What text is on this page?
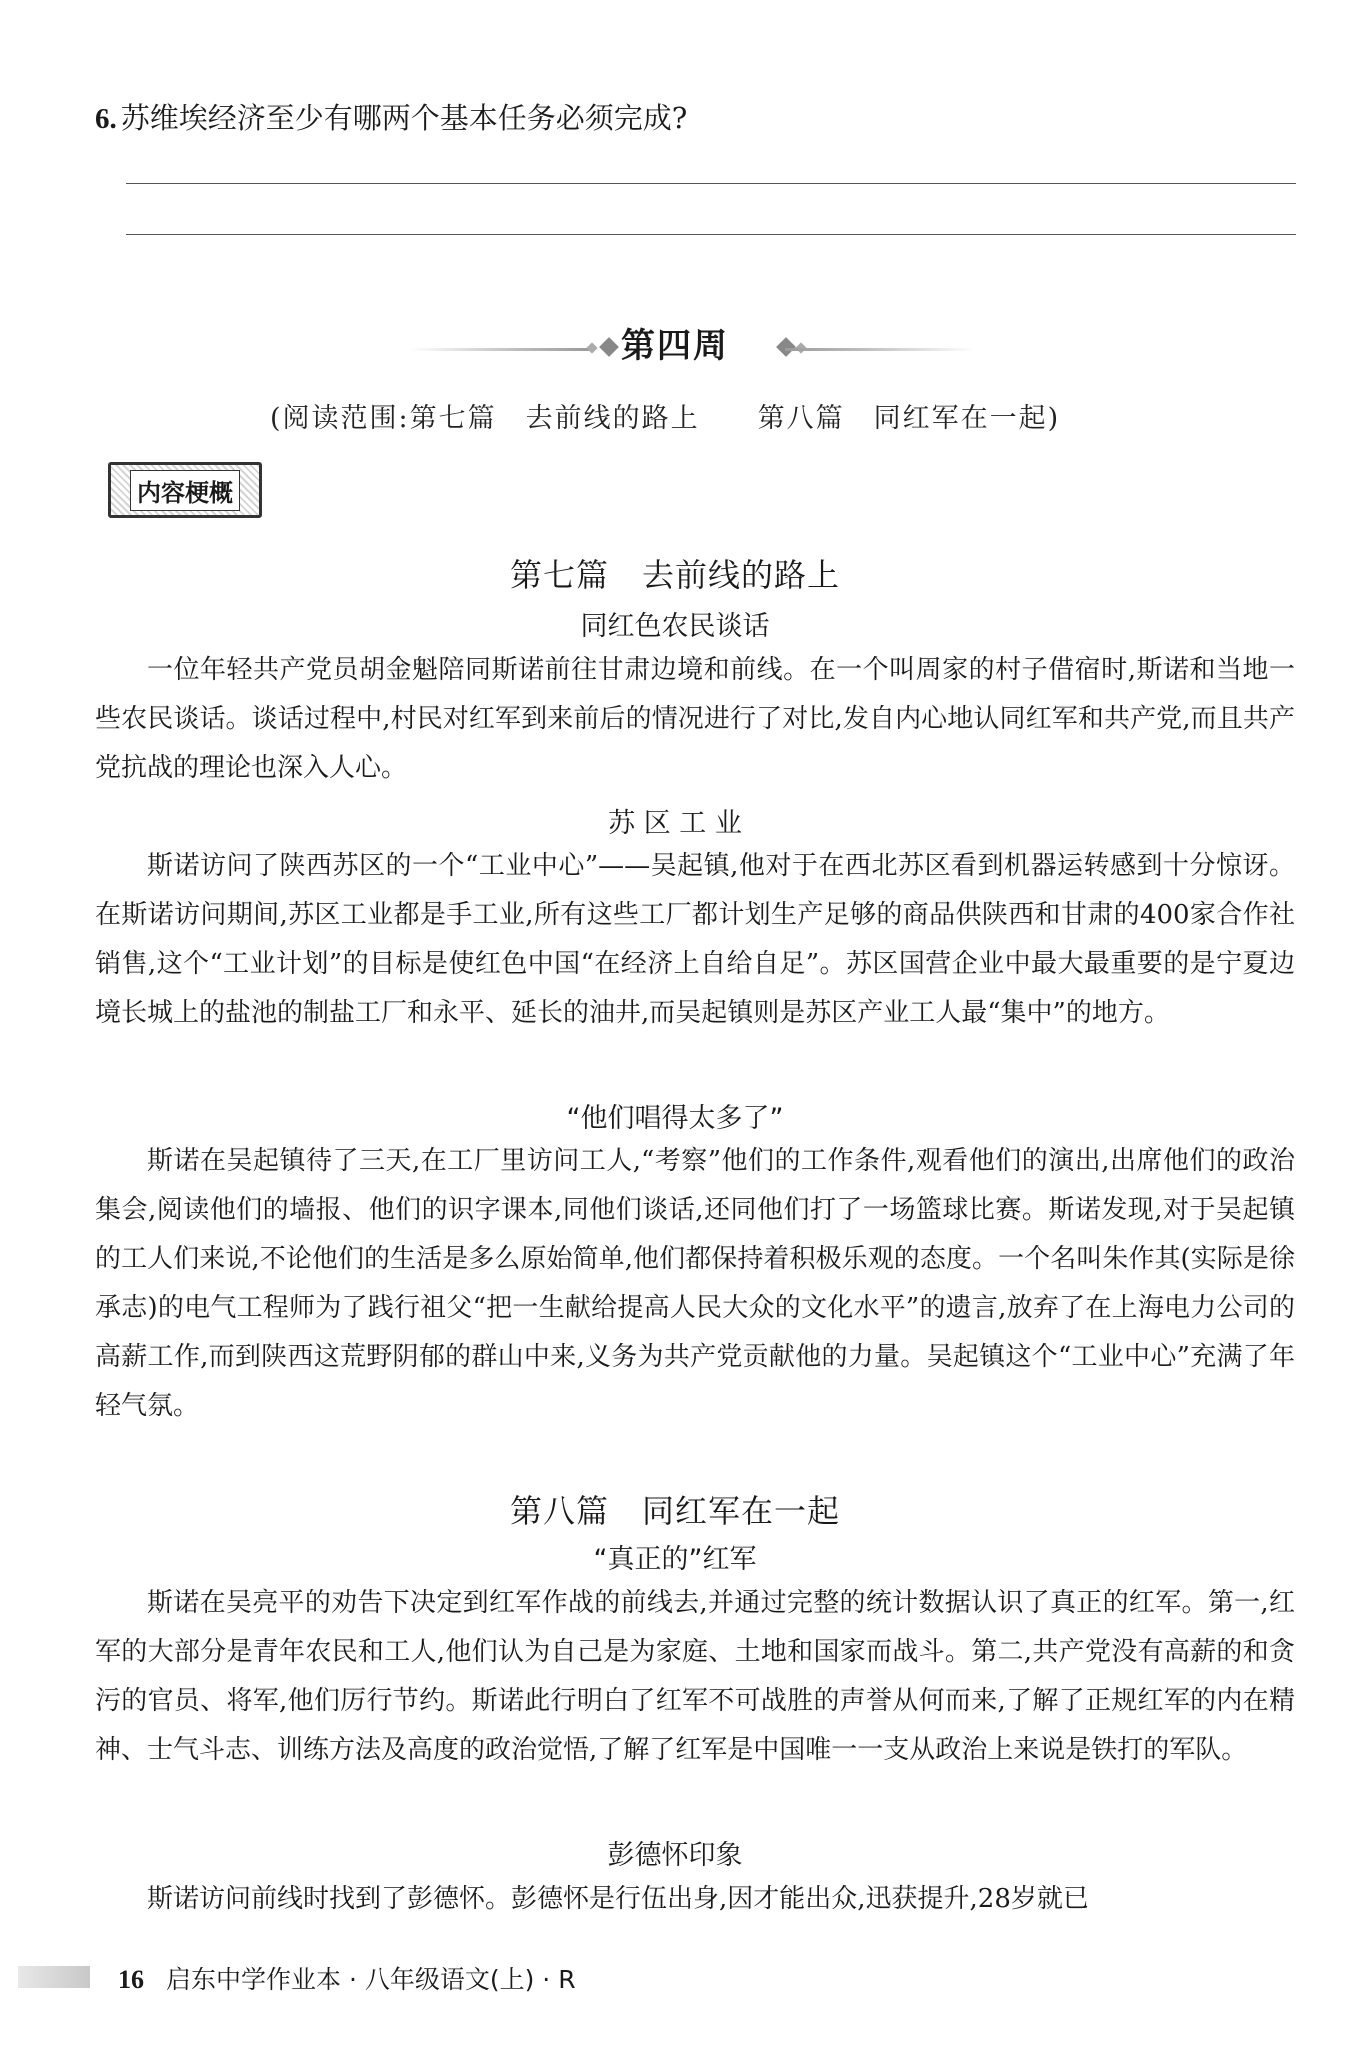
6. 苏维埃经济至少有哪两个基本任务必须完成?
第四周
(阅读范围:第七篇　去前线的路上　　第八篇　同红军在一起)
内容梗概
第七篇　去前线的路上
同红色农民谈话
一位年轻共产党员胡金魁陪同斯诺前往甘肃边境和前线。在一个叫周家的村子借宿时,斯诺和当地一些农民谈话。谈话过程中,村民对红军到来前后的情况进行了对比,发自内心地认同红军和共产党,而且共产党抗战的理论也深入人心。
苏 区 工 业
斯诺访问了陕西苏区的一个“工业中心”——吴起镇,他对于在西北苏区看到机器运转感到十分惊讶。在斯诺访问期间,苏区工业都是手工业,所有这些工厂都计划生产足够的商品供陕西和甘肃的400家合作社销售,这个“工业计划”的目标是使红色中国“在经济上自给自足”。苏区国营企业中最大最重要的是宁夏边境长城上的盐池的制盐工厂和永平、延长的油井,而吴起镇则是苏区产业工人最“集中”的地方。
“他们唱得太多了”
斯诺在吴起镇待了三天,在工厂里访问工人,“考察”他们的工作条件,观看他们的演出,出席他们的政治集会,阅读他们的墙报、他们的识字课本,同他们谈话,还同他们打了一场篮球比赛。斯诺发现,对于吴起镇的工人们来说,不论他们的生活是多么原始简单,他们都保持着积极乐观的态度。一个名叫朱作其(实际是徐承志)的电气工程师为了践行祖父“把一生献给提高人民大众的文化水平”的遗言,放弃了在上海电力公司的高薪工作,而到陕西这荒野阴郁的群山中来,义务为共产党贡献他的力量。吴起镇这个“工业中心”充满了年轻气氛。
第八篇　同红军在一起
“真正的”红军
斯诺在吴亮平的劝告下决定到红军作战的前线去,并通过完整的统计数据认识了真正的红军。第一,红军的大部分是青年农民和工人,他们认为自己是为家庭、土地和国家而战斗。第二,共产党没有高薪的和贪污的官员、将军,他们厉行节约。斯诺此行明白了红军不可战胜的声誉从何而来,了解了正规红军的内在精神、士气斗志、训练方法及高度的政治觉悟,了解了红军是中国唯一一支从政治上来说是铁打的军队。
彭德怀印象
斯诺访问前线时找到了彭德怀。彭德怀是行伍出身,因才能出众,迅获提升,28岁就已
16 启东中学作业本 · 八年级语文(上) · R
